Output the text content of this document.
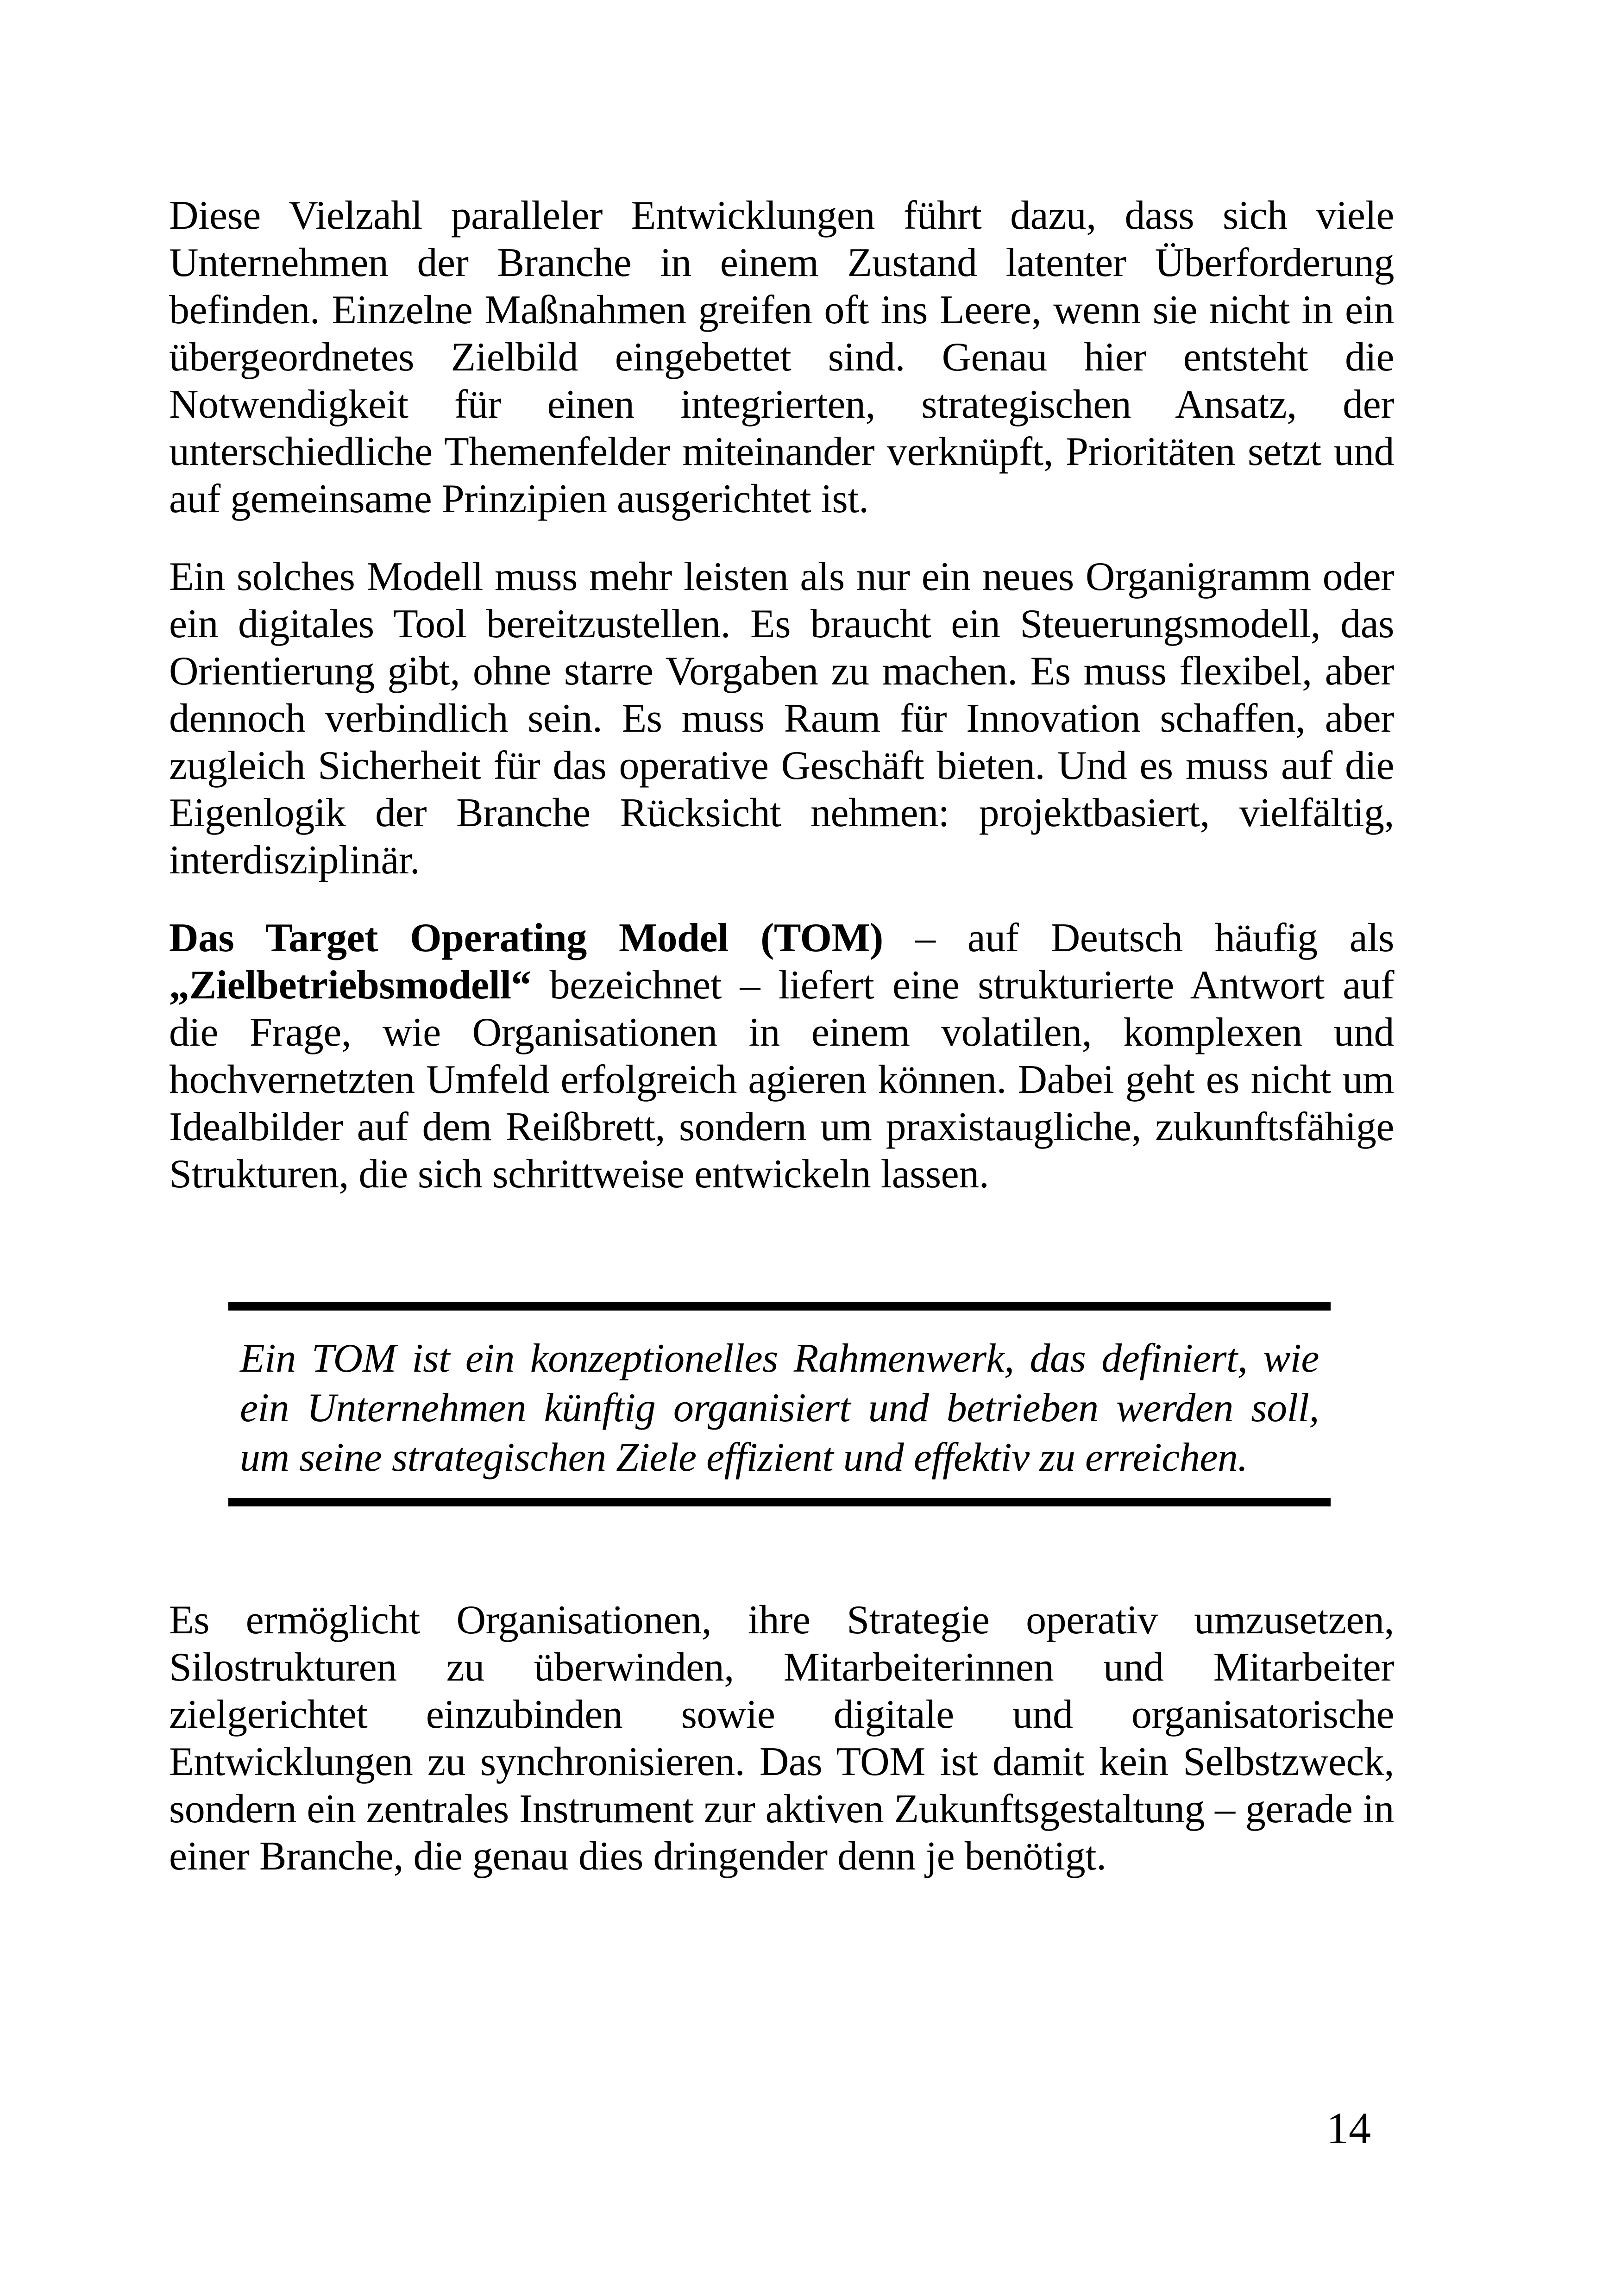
Diese Vielzahl paralleler Entwicklungen führt dazu, dass sich viele Unternehmen der Branche in einem Zustand latenter Überforderung befinden. Einzelne Maßnahmen greifen oft ins Leere, wenn sie nicht in ein übergeordnetes Zielbild eingebettet sind. Genau hier entsteht die Notwendigkeit für einen integrierten, strategischen Ansatz, der unterschiedliche Themenfelder miteinander verknüpft, Prioritäten setzt und auf gemeinsame Prinzipien ausgerichtet ist.

Ein solches Modell muss mehr leisten als nur ein neues Organigramm oder ein digitales Tool bereitzustellen. Es braucht ein Steuerungsmodell, das Orientierung gibt, ohne starre Vorgaben zu machen. Es muss flexibel, aber dennoch verbindlich sein. Es muss Raum für Innovation schaffen, aber zugleich Sicherheit für das operative Geschäft bieten. Und es muss auf die Eigenlogik der Branche Rücksicht nehmen: projektbasiert, vielfältig, interdisziplinär.

Das Target Operating Model (TOM) – auf Deutsch häufig als „Zielbetriebsmodell“ bezeichnet – liefert eine strukturierte Antwort auf die Frage, wie Organisationen in einem volatilen, komplexen und hochvernetzten Umfeld erfolgreich agieren können. Dabei geht es nicht um Idealbilder auf dem Reißbrett, sondern um praxistaugliche, zukunftsfähige Strukturen, die sich schrittweise entwickeln lassen.

Ein TOM ist ein konzeptionelles Rahmenwerk, das definiert, wie ein Unternehmen künftig organisiert und betrieben werden soll, um seine strategischen Ziele effizient und effektiv zu erreichen.

Es ermöglicht Organisationen, ihre Strategie operativ umzusetzen, Silostrukturen zu überwinden, Mitarbeiterinnen und Mitarbeiter zielgerichtet einzubinden sowie digitale und organisatorische Entwicklungen zu synchronisieren. Das TOM ist damit kein Selbstzweck, sondern ein zentrales Instrument zur aktiven Zukunftsgestaltung – gerade in einer Branche, die genau dies dringender denn je benötigt.

14
